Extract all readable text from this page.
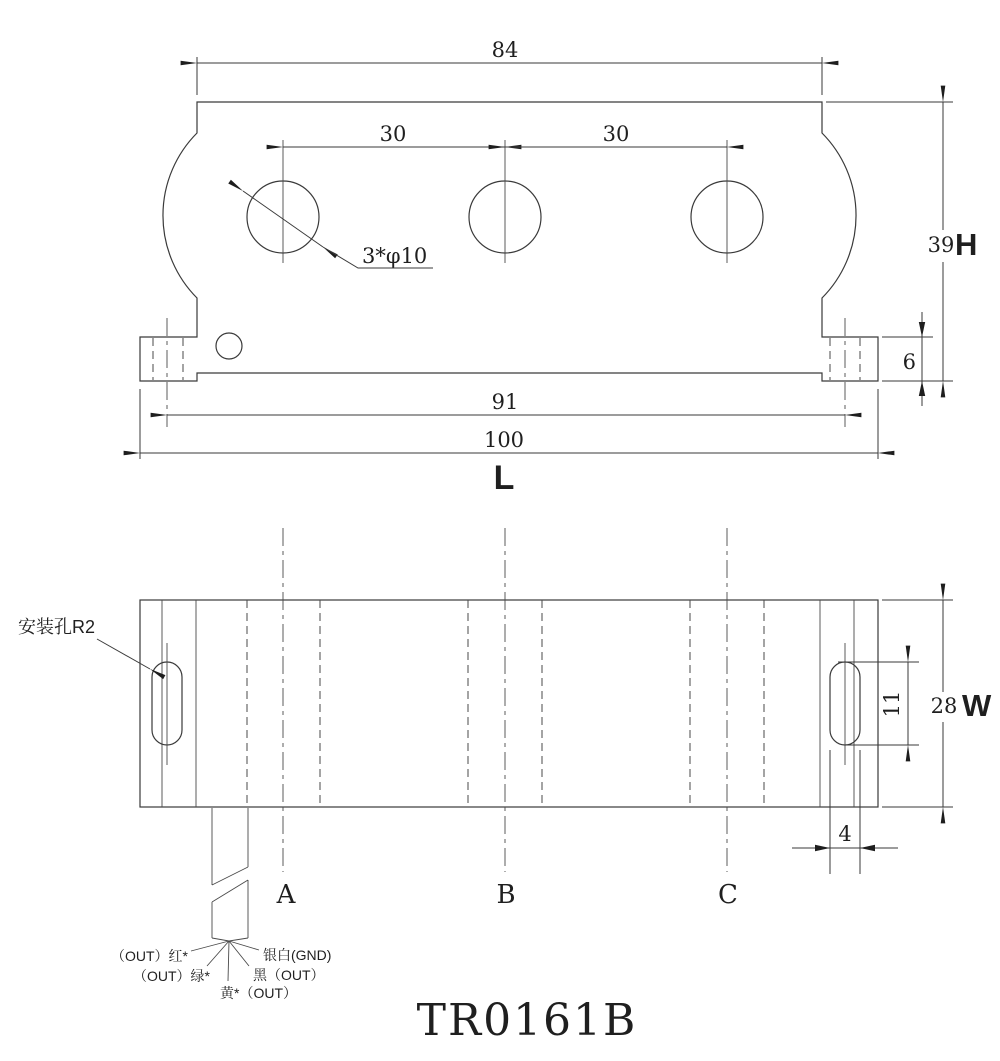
84
30	30
3*φ10	39 H
6
91
100
L
安装孔R2
28 W
11
4
A	B	C
（OUT）红*
（OUT）绿*
黄*（OUT）
黑（OUT）
银白(GND)
TR0161B
